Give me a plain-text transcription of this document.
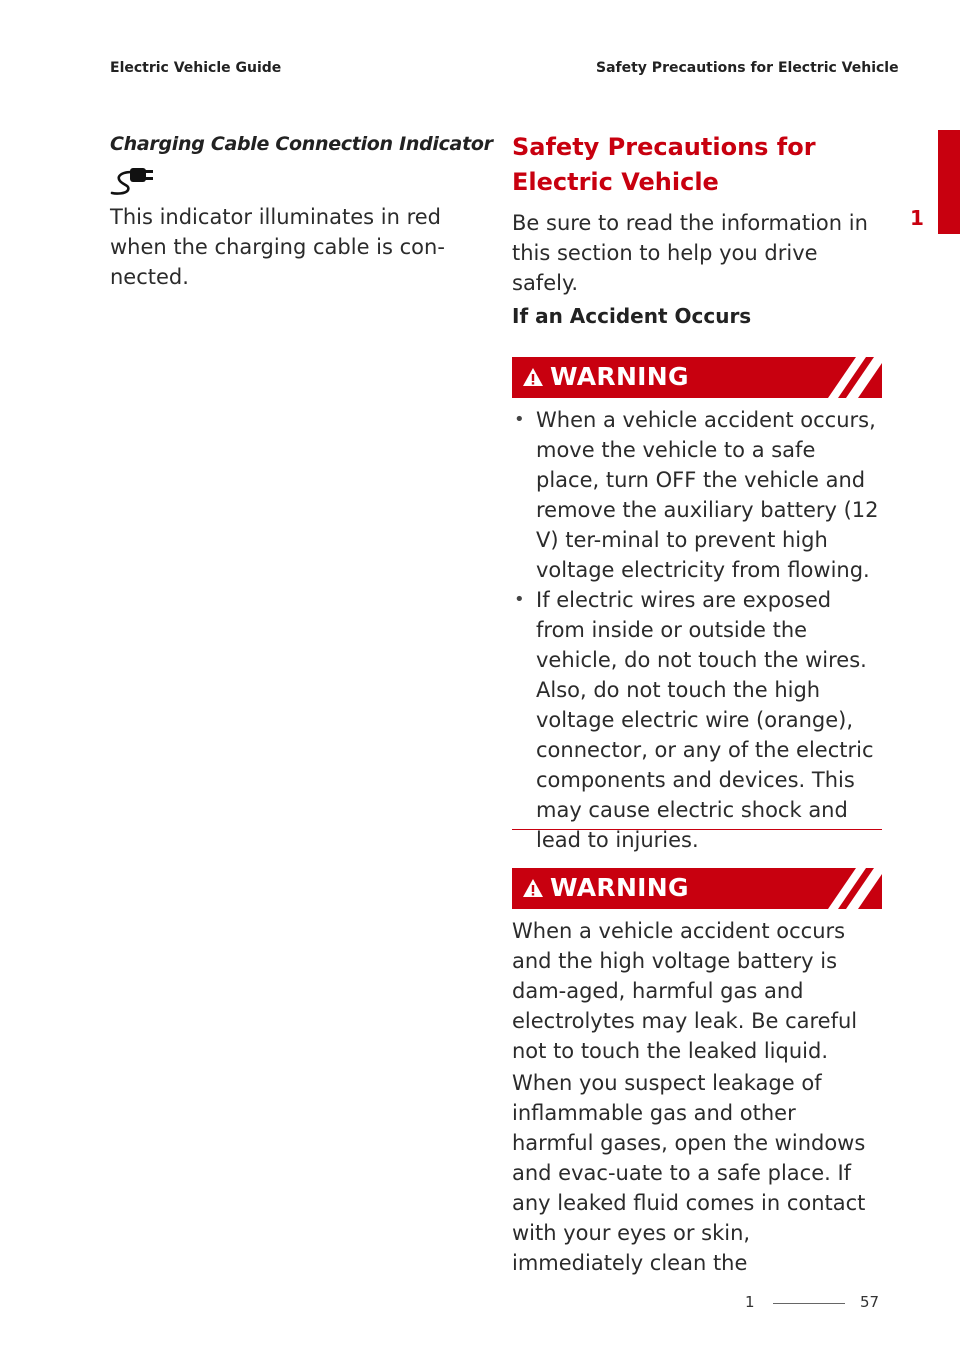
Electric Vehicle Guide	Safety Precautions for Electric Vehicle
1
Charging Cable Connection Indicator
This indicator illuminates in red when the charging cable is con-nected.
Safety Precautions for Electric Vehicle
Be sure to read the information in this section to help you drive safely.
If an Accident Occurs
WARNING
• When a vehicle accident occurs, move the vehicle to a safe place, turn OFF the vehicle and remove the auxiliary battery (12 V) ter-minal to prevent high voltage electricity from flowing.
• If electric wires are exposed from inside or outside the vehicle, do not touch the wires. Also, do not touch the high voltage electric wire (orange), connector, or any of the electric components and devices. This may cause electric shock and lead to injuries.
WARNING
When a vehicle accident occurs and the high voltage battery is dam-aged, harmful gas and electrolytes may leak. Be careful not to touch the leaked liquid.
When you suspect leakage of inflammable gas and other harmful gases, open the windows and evac-uate to a safe place. If any leaked fluid comes in contact with your eyes or skin, immediately clean the
1	57
